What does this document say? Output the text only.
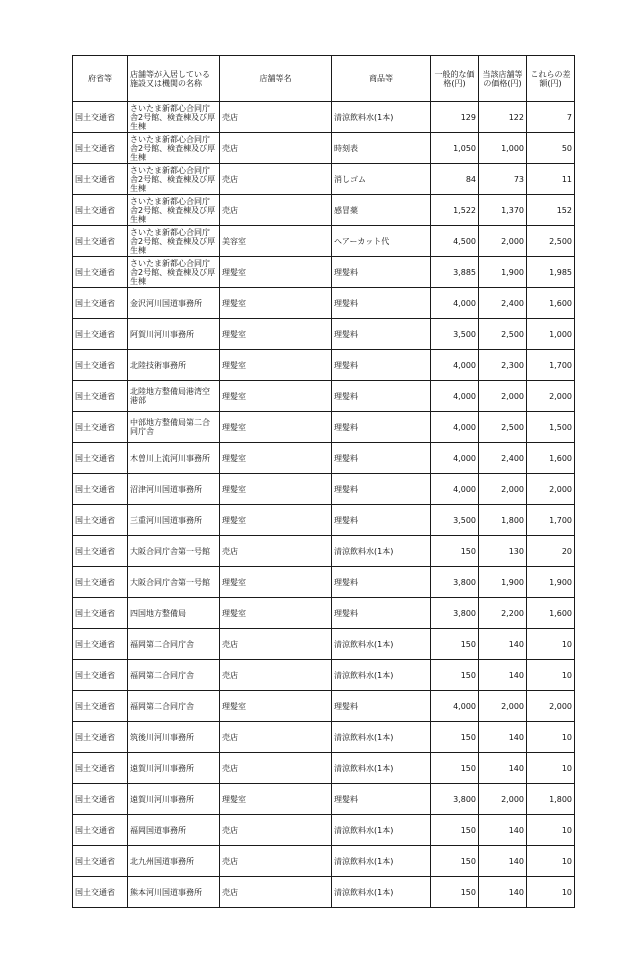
府省等	店舗等が入居している施設又は機関の名称	店舗等名	商品等	一般的な価格(円)	当該店舗等の価格(円)	これらの差額(円)
国土交通省	さいたま新都心合同庁舎2号館、検査棟及び厚生棟	売店	清涼飲料水(1本)	129	122	7
国土交通省	さいたま新都心合同庁舎2号館、検査棟及び厚生棟	売店	時刻表	1,050	1,000	50
国土交通省	さいたま新都心合同庁舎2号館、検査棟及び厚生棟	売店	消しゴム	84	73	11
国土交通省	さいたま新都心合同庁舎2号館、検査棟及び厚生棟	売店	感冒薬	1,522	1,370	152
国土交通省	さいたま新都心合同庁舎2号館、検査棟及び厚生棟	美容室	ヘアーカット代	4,500	2,000	2,500
国土交通省	さいたま新都心合同庁舎2号館、検査棟及び厚生棟	理髪室	理髪料	3,885	1,900	1,985
国土交通省	金沢河川国道事務所	理髪室	理髪料	4,000	2,400	1,600
国土交通省	阿賀川河川事務所	理髪室	理髪料	3,500	2,500	1,000
国土交通省	北陸技術事務所	理髪室	理髪料	4,000	2,300	1,700
国土交通省	北陸地方整備局港湾空港部	理髪室	理髪料	4,000	2,000	2,000
国土交通省	中部地方整備局第二合同庁舎	理髪室	理髪料	4,000	2,500	1,500
国土交通省	木曽川上流河川事務所	理髪室	理髪料	4,000	2,400	1,600
国土交通省	沼津河川国道事務所	理髪室	理髪料	4,000	2,000	2,000
国土交通省	三重河川国道事務所	理髪室	理髪料	3,500	1,800	1,700
国土交通省	大阪合同庁舎第一号館	売店	清涼飲料水(1本)	150	130	20
国土交通省	大阪合同庁舎第一号館	理髪室	理髪料	3,800	1,900	1,900
国土交通省	四国地方整備局	理髪室	理髪料	3,800	2,200	1,600
国土交通省	福岡第二合同庁舎	売店	清涼飲料水(1本)	150	140	10
国土交通省	福岡第二合同庁舎	売店	清涼飲料水(1本)	150	140	10
国土交通省	福岡第二合同庁舎	理髪室	理髪料	4,000	2,000	2,000
国土交通省	筑後川河川事務所	売店	清涼飲料水(1本)	150	140	10
国土交通省	遠賀川河川事務所	売店	清涼飲料水(1本)	150	140	10
国土交通省	遠賀川河川事務所	理髪室	理髪料	3,800	2,000	1,800
国土交通省	福岡国道事務所	売店	清涼飲料水(1本)	150	140	10
国土交通省	北九州国道事務所	売店	清涼飲料水(1本)	150	140	10
国土交通省	熊本河川国道事務所	売店	清涼飲料水(1本)	150	140	10
